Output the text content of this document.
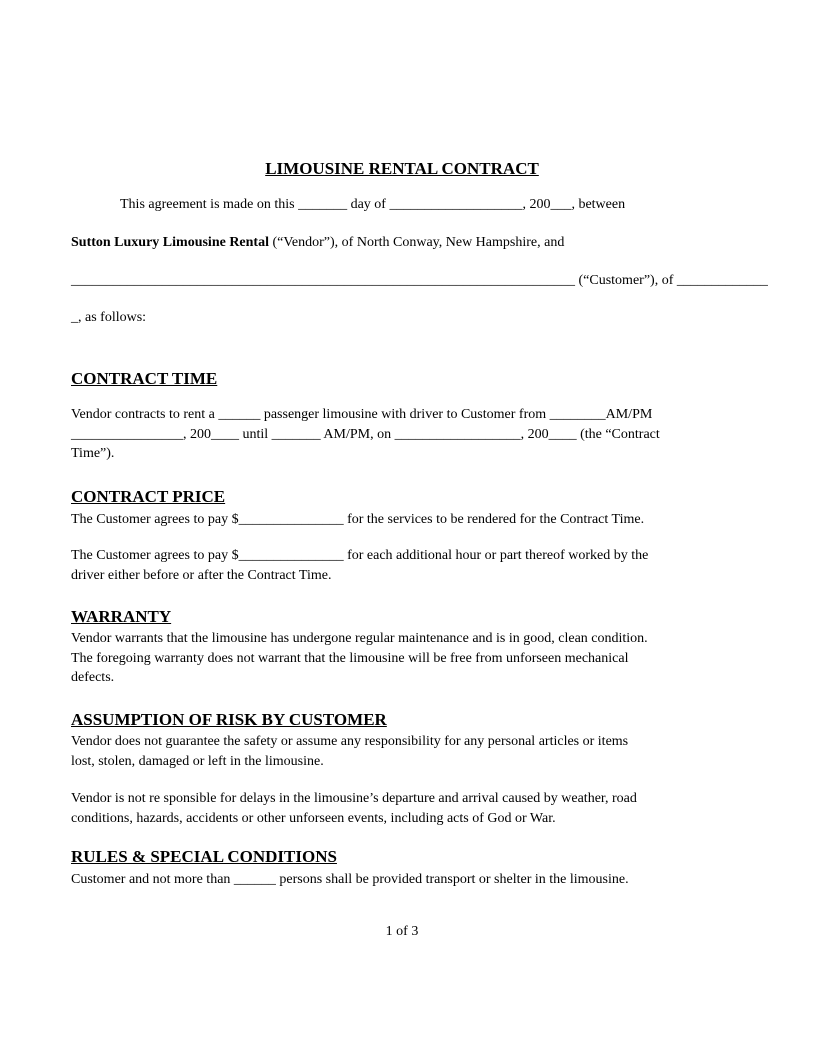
LIMOUSINE RENTAL CONTRACT
This agreement is made on this _______ day of ___________________, 200___, between
Sutton Luxury Limousine Rental (“Vendor”), of North Conway, New Hampshire, and
________________________________________________________________________ (“Customer”), of _____________
_, as follows:
CONTRACT TIME
Vendor contracts to rent a ______ passenger limousine with driver to Customer from ________AM/PM
________________, 200____ until _______ AM/PM, on __________________, 200____ (the “Contract
Time”).
CONTRACT PRICE
The Customer agrees to pay $_______________ for the services to be rendered for the Contract Time.
The Customer agrees to pay $_______________ for each additional hour or part thereof worked by the
driver either before or after the Contract Time.
WARRANTY
Vendor warrants that the limousine has undergone regular maintenance and is in good, clean condition.
The foregoing warranty does not warrant that the limousine will be free from unforseen mechanical
defects.
ASSUMPTION OF RISK BY CUSTOMER
Vendor does not guarantee the safety or assume any responsibility for any personal articles or items
lost, stolen, damaged or left in the limousine.
Vendor is not re sponsible for delays in the limousine’s departure and arrival caused by weather, road
conditions, hazards, accidents or other unforseen events, including acts of God or War.
RULES & SPECIAL CONDITIONS
Customer and not more than ______ persons shall be provided transport or shelter in the limousine.
1 of 3
